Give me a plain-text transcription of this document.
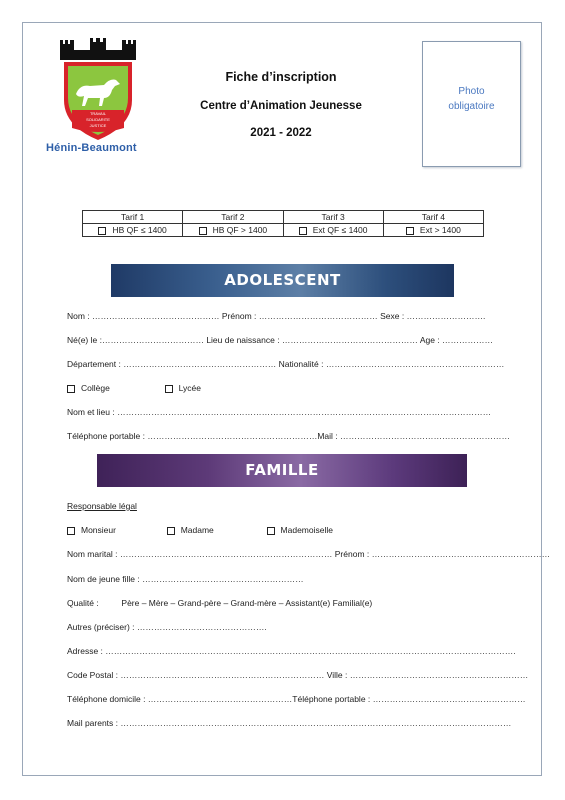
TRAVAIL
SOLIDARITE
JUSTICE
Hénin-Beaumont
Fiche d’inscription
Centre d’Animation Jeunesse
2021 - 2022
Photo
obligatoire
Tarif 1	Tarif 2	Tarif 3	Tarif 4
HB QF ≤ 1400	HB QF > 1400	Ext QF ≤ 1400	Ext > 1400
ADOLESCENT
Nom : ……………………………………… Prénom : …………………………………… Sexe : ……………………….
Né(e) le :……………………………… Lieu de naissance : ………………………………………… Age : ………………
Département : ……………………………………………… Nationalité : ………………………………………………………
Collège	Lycée
Nom et lieu : ……………………………………………………………………………………………………………………
Téléphone portable : ……………………………………………………Mail : ……………………………………………………
FAMILLE
Responsable légal
Monsieur	Madame	Mademoiselle
Nom marital : ………………………………………………………………… Prénom : ………………………………………………………
Nom de jeune fille : …………………………………………………
Qualité :	Père – Mère – Grand-père – Grand-mère – Assistant(e) Familial(e)
Autres (préciser) : ……………………………………….
Adresse : ……………………………………………………………………………………………………………………………….
Code Postal : ……………………………………………………………… Ville : ………………………………………………………
Téléphone domicile : ……………………………………………Téléphone portable : ………………………………………………
Mail parents : …………………………………………………………………………………………………………………………
